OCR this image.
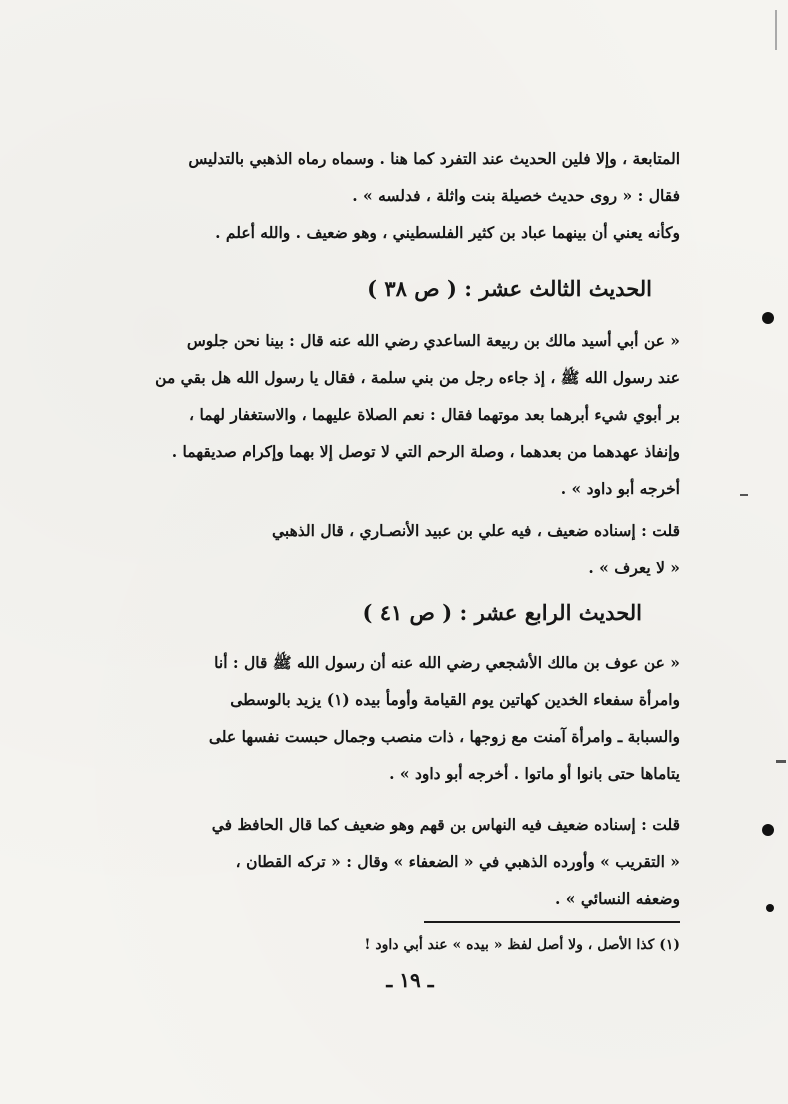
المتابعة ، وإلا فلين الحديث عند التفرد كما هنا . وسماه رماه الذهبي بالتدليس
فقال : « روى حديث خصيلة بنت واثلة ، فدلسه » .
وكأنه يعني أن بينهما عباد بن كثير الفلسطيني ، وهو ضعيف . والله أعلم .
الحديث الثالث عشر : ( ص ٣٨ )
« عن أبي أسيد مالك بن ربيعة الساعدي رضي الله عنه قال : بينا نحن جلوس
عند رسول الله ﷺ ، إذ جاءه رجل من بني سلمة ، فقال يا رسول الله هل بقي من
بر أبوي شيء أبرهما بعد موتهما فقال : نعم الصلاة عليهما ، والاستغفار لهما ،
وإنفاذ عهدهما من بعدهما ، وصلة الرحم التي لا توصل إلا بهما وإكرام صديقهما .
أخرجه أبو داود » .
قلت : إسناده ضعيف ، فيه علي بن عبيد الأنصـاري ، قال الذهبي
« لا يعرف » .
الحديث الرابع عشر : ( ص ٤١ )
« عن عوف بن مالك الأشجعي رضي الله عنه أن رسول الله ﷺ قال : أنا
وامرأة سفعاء الخدين كهاتين يوم القيامة وأومأ بيده (١) يزيد بالوسطى
والسبابة ـ وامرأة آمنت مع زوجها ، ذات منصب وجمال حبست نفسها على
يتاماها حتى بانوا أو ماتوا . أخرجه أبو داود » .
قلت : إسناده ضعيف فيه النهاس بن قهم وهو ضعيف كما قال الحافظ في
« التقريب » وأورده الذهبي في « الضعفاء » وقال : « تركه القطان ،
وضعفه النسائي » .
(١) كذا الأصل ، ولا أصل لفظ « بيده » عند أبي داود !
ـ ١٩ ـ
